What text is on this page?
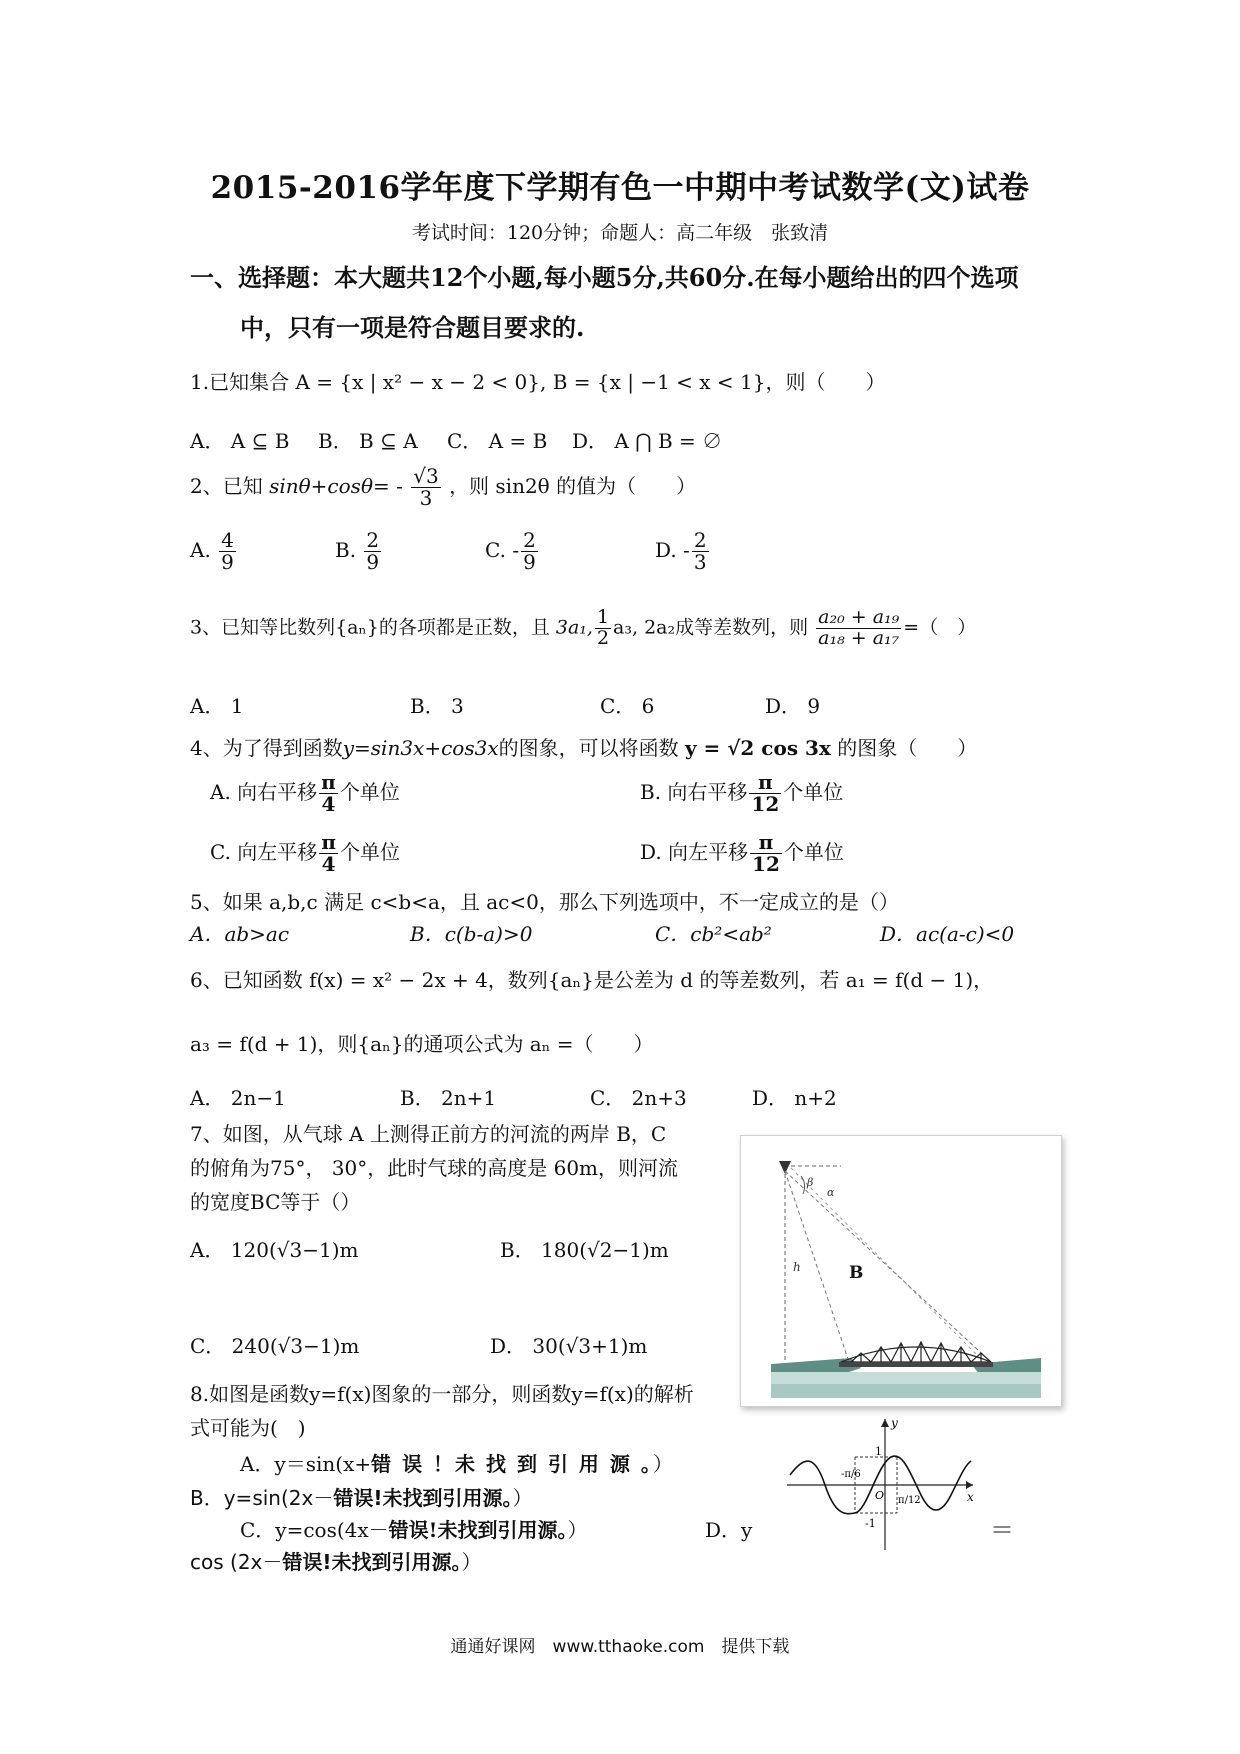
2015-2016学年度下学期有色一中期中考试数学(文)试卷
考试时间：120分钟；命题人：高二年级　张致清
一、选择题：本大题共12个小题,每小题5分,共60分.在每小题给出的四个选项
中，只有一项是符合题目要求的.
1.已知集合 A = {x | x² − x − 2 < 0}, B = {x | −1 < x < 1}，则（　　）
A． A ⊆ B B． B ⊆ A C． A = B D． A ⋂ B = ∅
2、已知 $\sin\theta+\cos\theta= - \frac{√3}{3}$ ，则 sin2θ 的值为（　　）
A. $\frac{4}{9}$	B. $\frac{2}{9}$	C. - $\frac{2}{9}$	D. - $\frac{2}{3}$
3、已知等比数列{aₙ}的各项都是正数，且 3a₁, $\frac{1}{2} a_3$, 2a₂成等差数列，则 $\frac{\text{a₂₀ + a₁₉}}{\text{a₁₈ + a₁₇}}$ =（　）
A． 1	B． 3	C． 6	D． 9
4、为了得到函数y=sin3x+cos3x的图象，可以将函数 y = √2 cos 3x 的图象（　　）
A. 向右平移 $\frac{\pi}{4}$ 个单位	B. 向右平移 $\frac{\pi}{12}$ 个单位
C. 向左平移 $\frac{\pi}{4}$ 个单位	D. 向左平移 $\frac{\pi}{12}$ 个单位
5、如果 a,b,c 满足 c<b<a，且 ac<0，那么下列选项中，不一定成立的是（）
A．ab>ac	B．c(b-a)>0	C．cb²<ab²	D．ac(a-c)<0
6、已知函数 f(x) = x² − 2x + 4，数列{aₙ}是公差为 d 的等差数列，若 a₁ = f(d − 1)，
a₃ = f(d + 1)，则{aₙ}的通项公式为 aₙ =（　　）
A． 2n−1	B． 2n+1	C． 2n+3	D． n+2
7、如图，从气球 A 上测得正前方的河流的两岸 B，C
的俯角为75°， 30°，此时气球的高度是 60m，则河流
的宽度BC等于（）
A． 120(√3−1)m	B． 180(√2−1)m
C． 240(√3−1)m	D． 30(√3+1)m
h
β
α
B
8.如图是函数y=f(x)图象的一部分，则函数y=f(x)的解析
式可能为(　)
A．y＝sin(x+错 误 ！未 找 到 引 用 源 。）
B．y=sin(2x－错误!未找到引用源。）
C．y=cos(4x－错误!未找到引用源。）	D．y	＝
cos (2x－错误!未找到引用源。）
y
x
1
-1
O
-π/6
π/12
通通好课网　www.tthaoke.com　提供下载
